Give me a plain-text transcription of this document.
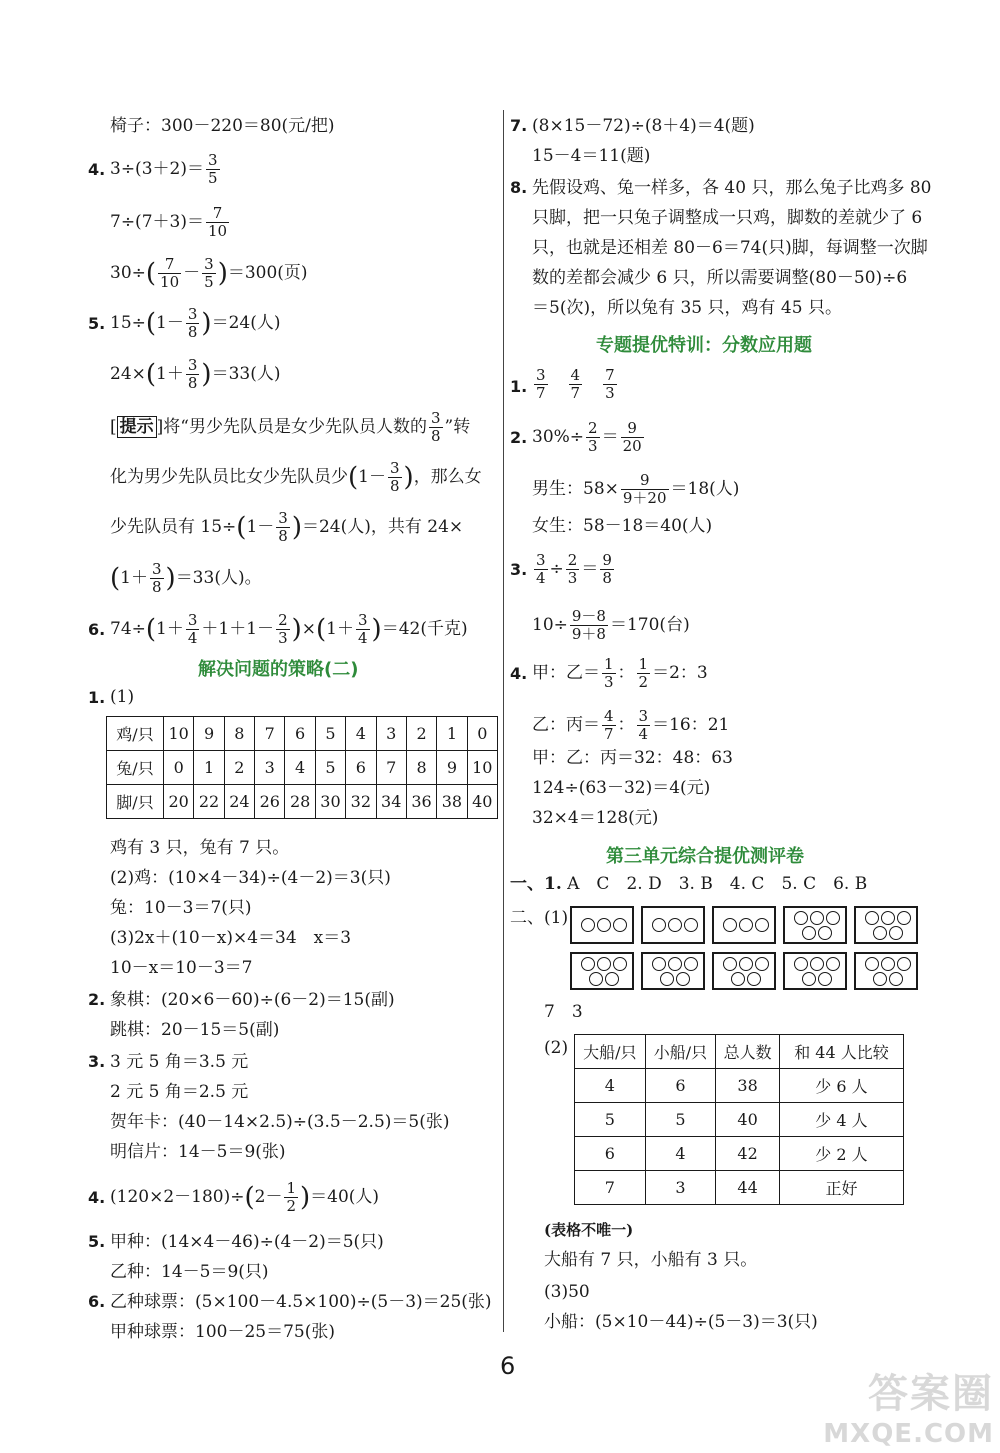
椅子：300－220＝80(元/把)
4. $3\div(3+2)= \frac{3}{5}$
$7\div(7+3)= \frac{7}{10}$
$30\div( \frac{7}{10} - \frac{3}{5} )=300$(页)
5. $15\div(1- \frac{3}{8} )=24$(人)
$24\times(1+ \frac{3}{8} )=33$(人)
[ 提示 ]将“男少先队员是女少先队员人数的 $\frac{3}{8}$ ”转
化为男少先队员比女少先队员少($1- \frac{3}{8}$ )，那么女
少先队员有 $15\div(1- \frac{3}{8} )=24$(人)，共有 24×
$(1+ \frac{3}{8} )=33$(人)。
6. $74\div(1+ \frac{3}{4} +1+1- \frac{2}{3} )\times(1+ \frac{3}{4} )=42$(千克)
解决问题的策略(二)
1. (1)
鸡/只	10	9	8	7	6	5	4	3	2	1	0
兔/只	0	1	2	3	4	5	6	7	8	9	10
脚/只	20	22	24	26	28	30	32	34	36	38	40
鸡有 3 只，兔有 7 只。
(2)鸡：(10×4－34)÷(4－2)＝3(只)
兔：10－3＝7(只)
(3)2x＋(10－x)×4＝34　x＝3
10－x＝10－3＝7
2. 象棋：(20×6－60)÷(6－2)＝15(副)
跳棋：20－15＝5(副)
3. 3 元 5 角＝3.5 元
2 元 5 角＝2.5 元
贺年卡：(40－14×2.5)÷(3.5－2.5)＝5(张)
明信片：14－5＝9(张)
4. $(120\times 2-180)\div(2- \frac{1}{2} )=40$(人)
5. 甲种：(14×4－46)÷(4－2)＝5(只)
乙种：14－5＝9(只)
6. 乙种球票：(5×100－4.5×100)÷(5－3)＝25(张)
甲种球票：100－25＝75(张)
7. (8×15－72)÷(8＋4)＝4(题)
15－4＝11(题)
8. 先假设鸡、兔一样多，各 40 只，那么兔子比鸡多 80
只脚，把一只兔子调整成一只鸡，脚数的差就少了 6
只，也就是还相差 80－6＝74(只)脚，每调整一次脚
数的差都会减少 6 只，所以需要调整(80－50)÷6
＝5(次)，所以兔有 35 只，鸡有 45 只。
专题提优特训：分数应用题
1. $\frac{3}{7}$
  $\frac{4}{7}$
  $\frac{7}{3}$
2. $30\%\div \frac{2}{3} = \frac{9}{20}$
男生：$58\times \frac{9}{9+20} =18$(人)
女生：58－18＝40(人)
3. $\frac{3}{4} \div \frac{2}{3} = \frac{9}{8}$
$10\div \frac{9-8}{9+8} =170$(台)
4. 甲：乙＝ $\frac{1}{3}$ ： $\frac{1}{2} =2$：3
乙：丙＝ $\frac{4}{7}$ ： $\frac{3}{4} =16$：21
甲：乙：丙＝32：48：63
124÷(63－32)＝4(元)
32×4＝128(元)
第三单元综合提优测评卷
一、1. A　C　2. D　3. B　4. C　5. C　6. B
二、(1)
7　3
(2) 大船/只	小船/只	总人数	和 44 人比较
4	6	38	少 6 人
5	5	40	少 4 人
6	4	42	少 2 人
7	3	44	正好
(表格不唯一)
大船有 7 只，小船有 3 只。
(3)50
小船：(5×10－44)÷(5－3)＝3(只)
6
答案圈
MXQE.COM
